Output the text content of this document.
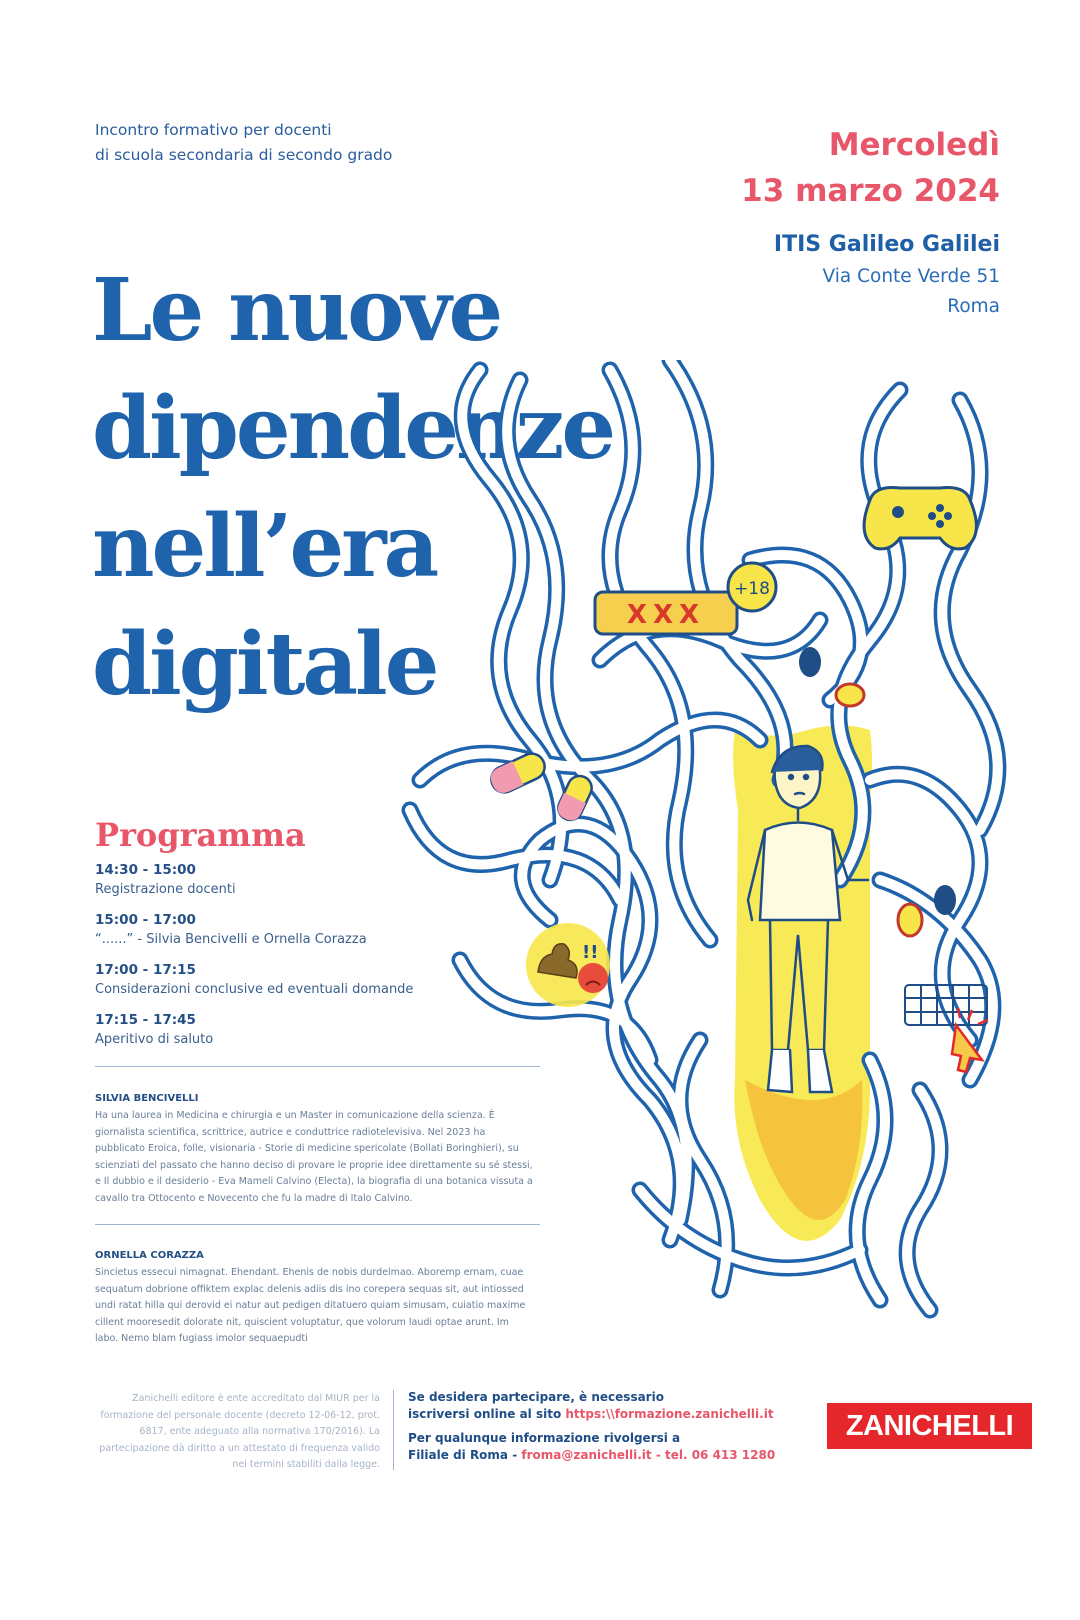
Incontro formativo per docenti
di scuola secondaria di secondo grado	Mercoledì
13 marzo 2024
ITIS Galileo Galilei
Via Conte Verde 51
Roma
Le nuove
dipendenze
nell’era
digitale	XXX
+18
!!
Programma
14:30 - 15:00
Registrazione docenti
15:00 - 17:00
“......” - Silvia Bencivelli e Ornella Corazza
17:00 - 17:15
Considerazioni conclusive ed eventuali domande
17:15 - 17:45
Aperitivo di saluto
SILVIA BENCIVELLI
Ha una laurea in Medicina e chirurgia e un Master in comunicazione della scienza. È giornalista scientifica, scrittrice, autrice e conduttrice radiotelevisiva. Nel 2023 ha pubblicato Eroica, folle, visionaria - Storie di medicine spericolate (Bollati Boringhieri), su scienziati del passato che hanno deciso di provare le proprie idee direttamente su sé stessi, e Il dubbio e il desiderio - Eva Mameli Calvino (Electa), la biografia di una botanica vissuta a cavallo tra Ottocento e Novecento che fu la madre di Italo Calvino.
ORNELLA CORAZZA
Sincietus essecui nimagnat. Ehendant. Ehenis de nobis durdelmao. Aboremp ernam, cuae sequatum dobrione offiktem explac delenis adiis dis ino corepera sequas sit, aut intiossed undi ratat hilla qui derovid ei natur aut pedigen ditatuero quiam simusam, cuiatio maxime cillent mooresedit dolorate nit, quiscient voluptatur, que volorum laudi optae arunt. Im labo. Nemo blam fugiass imolor sequaepudti
Zanichelli editore è ente accreditato dal MIUR per la formazione del personale docente (decreto 12-06-12, prot. 6817, ente adeguato alla normativa 170/2016). La partecipazione dà diritto a un attestato di frequenza valido nei termini stabiliti dalla legge.
Se desidera partecipare, è necessario
iscriversi online al sito https:\\formazione.zanichelli.it
Per qualunque informazione rivolgersi a
Filiale di Roma - froma@zanichelli.it - tel. 06 413 1280
ZANICHELLI
